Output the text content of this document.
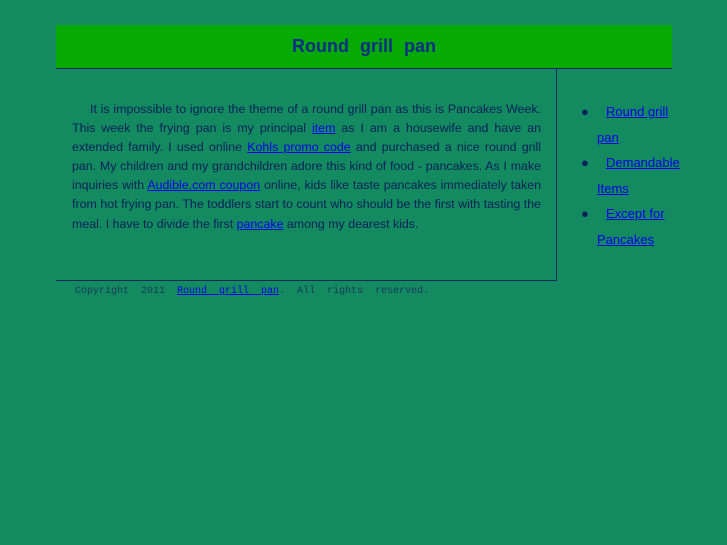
Round grill pan
It is impossible to ignore the theme of a round grill pan as this is Pancakes Week. This week the frying pan is my principal item as I am a housewife and have an extended family. I used online Kohls promo code and purchased a nice round grill pan. My children and my grandchildren adore this kind of food - pancakes. As I make inquiries with Audible.com coupon online, kids like taste pancakes immediately taken from hot frying pan. The toddlers start to count who should be the first with tasting the meal. I have to divide the first pancake among my dearest kids.
Copyright  2011  Round  grill  pan.  All  rights  reserved.
● Round grill pan
● Demandable Items
● Except for Pancakes
